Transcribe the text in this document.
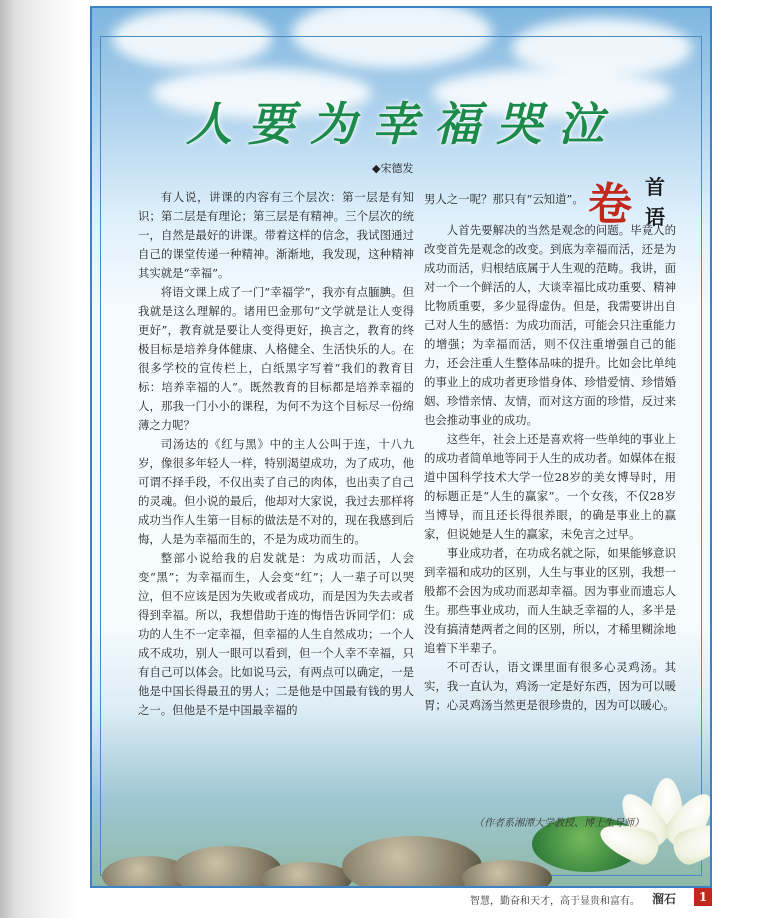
人要为幸福哭泣
◆宋德发
卷 首语

有人说，讲课的内容有三个层次：第一层是有知识；第二层是有理论；第三层是有精神。三个层次的统一，自然是最好的讲课。带着这样的信念，我试图通过自己的课堂传递一种精神。渐渐地，我发现，这种精神其实就是“幸福”。

将语文课上成了一门“幸福学”，我亦有点腼腆。但我就是这么理解的。诸用巴金那句“文学就是让人变得更好”，教育就是要让人变得更好，换言之，教育的终极目标是培养身体健康、人格健全、生活快乐的人。在很多学校的宣传栏上，白纸黑字写着“我们的教育目标：培养幸福的人”。既然教育的目标都是培养幸福的人，那我一门小小的课程，为何不为这个目标尽一份绵薄之力呢？

司汤达的《红与黑》中的主人公叫于连，十八九岁，像很多年轻人一样，特别渴望成功，为了成功，他可谓不择手段，不仅出卖了自己的肉体，也出卖了自己的灵魂。但小说的最后，他却对大家说，我过去那样将成功当作人生第一目标的做法是不对的，现在我感到后悔，人是为幸福而生的，不是为成功而生的。

整部小说给我的启发就是：为成功而活，人会变“黑”；为幸福而生，人会变“红”；人一辈子可以哭泣，但不应该是因为失败或者成功，而是因为失去或者得到幸福。所以，我想借助于连的悔悟告诉同学们：成功的人生不一定幸福，但幸福的人生自然成功；一个人成不成功，别人一眼可以看到，但一个人幸不幸福，只有自己可以体会。比如说马云，有两点可以确定，一是他是中国长得最丑的男人；二是他是中国最有钱的男人之一。但他是不是中国最幸福的

男人之一呢？那只有“云知道”。

人首先要解决的当然是观念的问题。毕竟人的改变首先是观念的改变。到底为幸福而活，还是为成功而活，归根结底属于人生观的范畴。我讲，面对一个一个鲜活的人，大谈幸福比成功重要、精神比物质重要，多少显得虚伪。但是，我需要讲出自己对人生的感悟：为成功而活，可能会只注重能力的增强；为幸福而活，则不仅注重增强自己的能力，还会注重人生整体品味的提升。比如会比单纯的事业上的成功者更珍惜身体、珍惜爱情、珍惜婚姻、珍惜亲情、友情，而对这方面的珍惜，反过来也会推动事业的成功。

这些年，社会上还是喜欢将一些单纯的事业上的成功者简单地等同于人生的成功者。如媒体在报道中国科学技术大学一位28岁的美女博导时，用的标题正是“人生的赢家”。一个女孩，不仅28岁当博导，而且还长得很养眼，的确是事业上的赢家，但说她是人生的赢家，未免言之过早。

事业成功者，在功成名就之际，如果能够意识到幸福和成功的区别，人生与事业的区别，我想一般都不会因为成功而恶却幸福。因为事业而遗忘人生。那些事业成功，而人生缺乏幸福的人，多半是没有搞清楚两者之间的区别，所以，才稀里糊涂地追着下半辈子。

不可否认，语文课里面有很多心灵鸡汤。其实，我一直认为，鸡汤一定是好东西，因为可以暖胃；心灵鸡汤当然更是很珍贵的，因为可以暖心。

（作者系湘潭大学教授、博士生导师）
智慧，勤奋和天才，高于显贵和富有。 溜石	1
